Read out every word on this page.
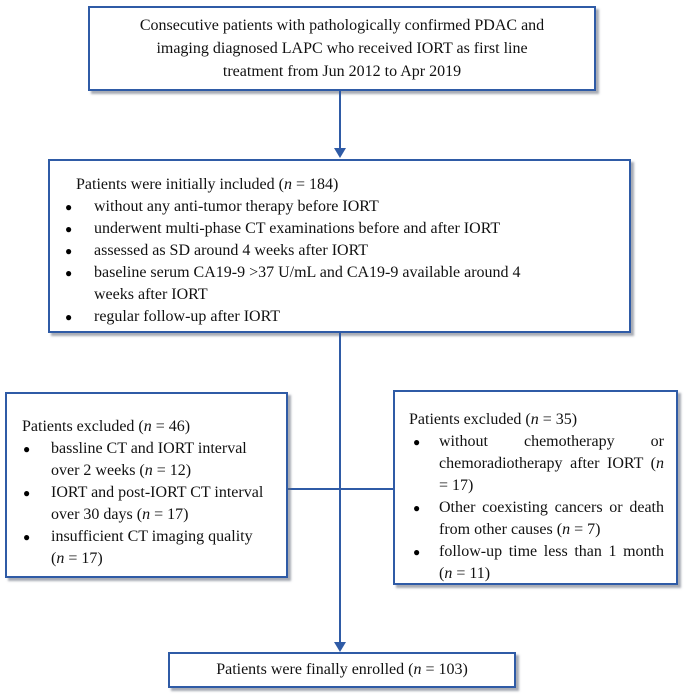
Consecutive patients with pathologically confirmed PDAC and
imaging diagnosed LAPC who received IORT as first line
treatment from Jun 2012 to Apr 2019
Patients were initially included (n = 184)
●	without any anti-tumor therapy before IORT
●	underwent multi-phase CT examinations before and after IORT
●	assessed as SD around 4 weeks after IORT
●	baseline serum CA19-9 >37 U/mL and CA19-9 available around 4 weeks after IORT
●	regular follow-up after IORT
Patients excluded (n = 46)
●	bassline CT and IORT interval over 2 weeks (n = 12)
●	IORT and post-IORT CT interval over 30 days (n = 17)
●	insufficient CT imaging quality (n = 17)
Patients excluded (n = 35)
●	without chemotherapy or chemoradiotherapy after IORT (n = 17)
●	Other coexisting cancers or death from other causes (n = 7)
●	follow-up time less than 1 month (n = 11)
Patients were finally enrolled (n = 103)
